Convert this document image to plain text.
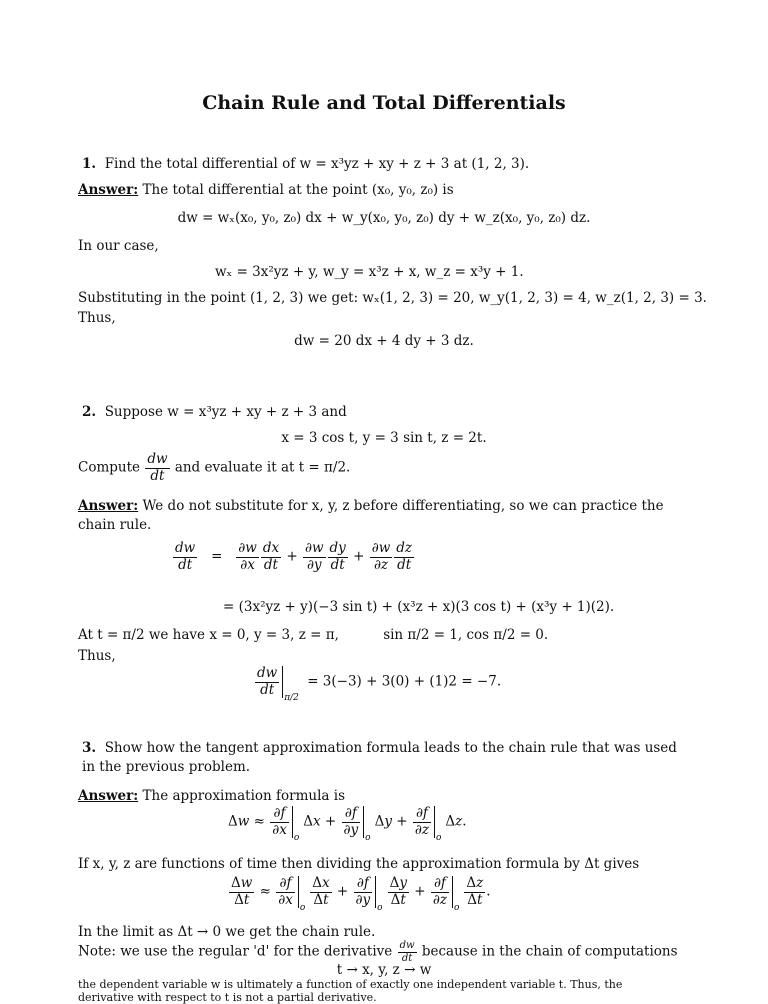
Chain Rule and Total Differentials
1. Find the total differential of w = x³yz + xy + z + 3 at (1, 2, 3).
Answer: The total differential at the point (x₀, y₀, z₀) is
dw = wₓ(x₀, y₀, z₀) dx + w_y(x₀, y₀, z₀) dy + w_z(x₀, y₀, z₀) dz.
In our case,
wₓ = 3x²yz + y, w_y = x³z + x, w_z = x³y + 1.
Substituting in the point (1, 2, 3) we get: wₓ(1, 2, 3) = 20, w_y(1, 2, 3) = 4, w_z(1, 2, 3) = 3.
Thus,
dw = 20 dx + 4 dy + 3 dz.
2. Suppose w = x³yz + xy + z + 3 and
x = 3 cos t, y = 3 sin t, z = 2t.
Compute $\frac{dw}{dt}$ and evaluate it at t = π/2.
Answer: We do not substitute for x, y, z before differentiating, so we can practice the chain rule.
$\frac{dw}{dt} = \frac{\partial w}{\partial x} \frac{dx}{dt} + \frac{\partial w}{\partial y} \frac{dy}{dt} + \frac{\partial w}{\partial z} \frac{dz}{dt}$
= (3x²yz + y)(−3 sin t) + (x³z + x)(3 cos t) + (x³y + 1)(2).
At t = π/2 we have x = 0, y = 3, z = π,	sin π/2 = 1, cos π/2 = 0.
Thus,
$\frac{dw}{dt} _{\pi/2} = 3(-3) + 3(0) + (1)2 = -7$.
3. Show how the tangent approximation formula leads to the chain rule that was used in the previous problem.
Answer: The approximation formula is
$\Delta w \approx \frac{\partial f}{\partial x} _o\Delta x + \frac{\partial f}{\partial y} _o\Delta y + \frac{\partial f}{\partial z} _o\Delta z$.
If x, y, z are functions of time then dividing the approximation formula by Δt gives
$\frac{\Delta w}{\Delta t} \approx \frac{\partial f}{\partial x} _o \frac{\Delta x}{\Delta t} + \frac{\partial f}{\partial y} _o \frac{\Delta y}{\Delta t} + \frac{\partial f}{\partial z} _o \frac{\Delta z}{\Delta t}$ .
In the limit as Δt → 0 we get the chain rule.
Note: we use the regular 'd' for the derivative $\frac{dw}{dt}$ because in the chain of computations
t → x, y, z → w
the dependent variable w is ultimately a function of exactly one independent variable t. Thus, the derivative with respect to t is not a partial derivative.
